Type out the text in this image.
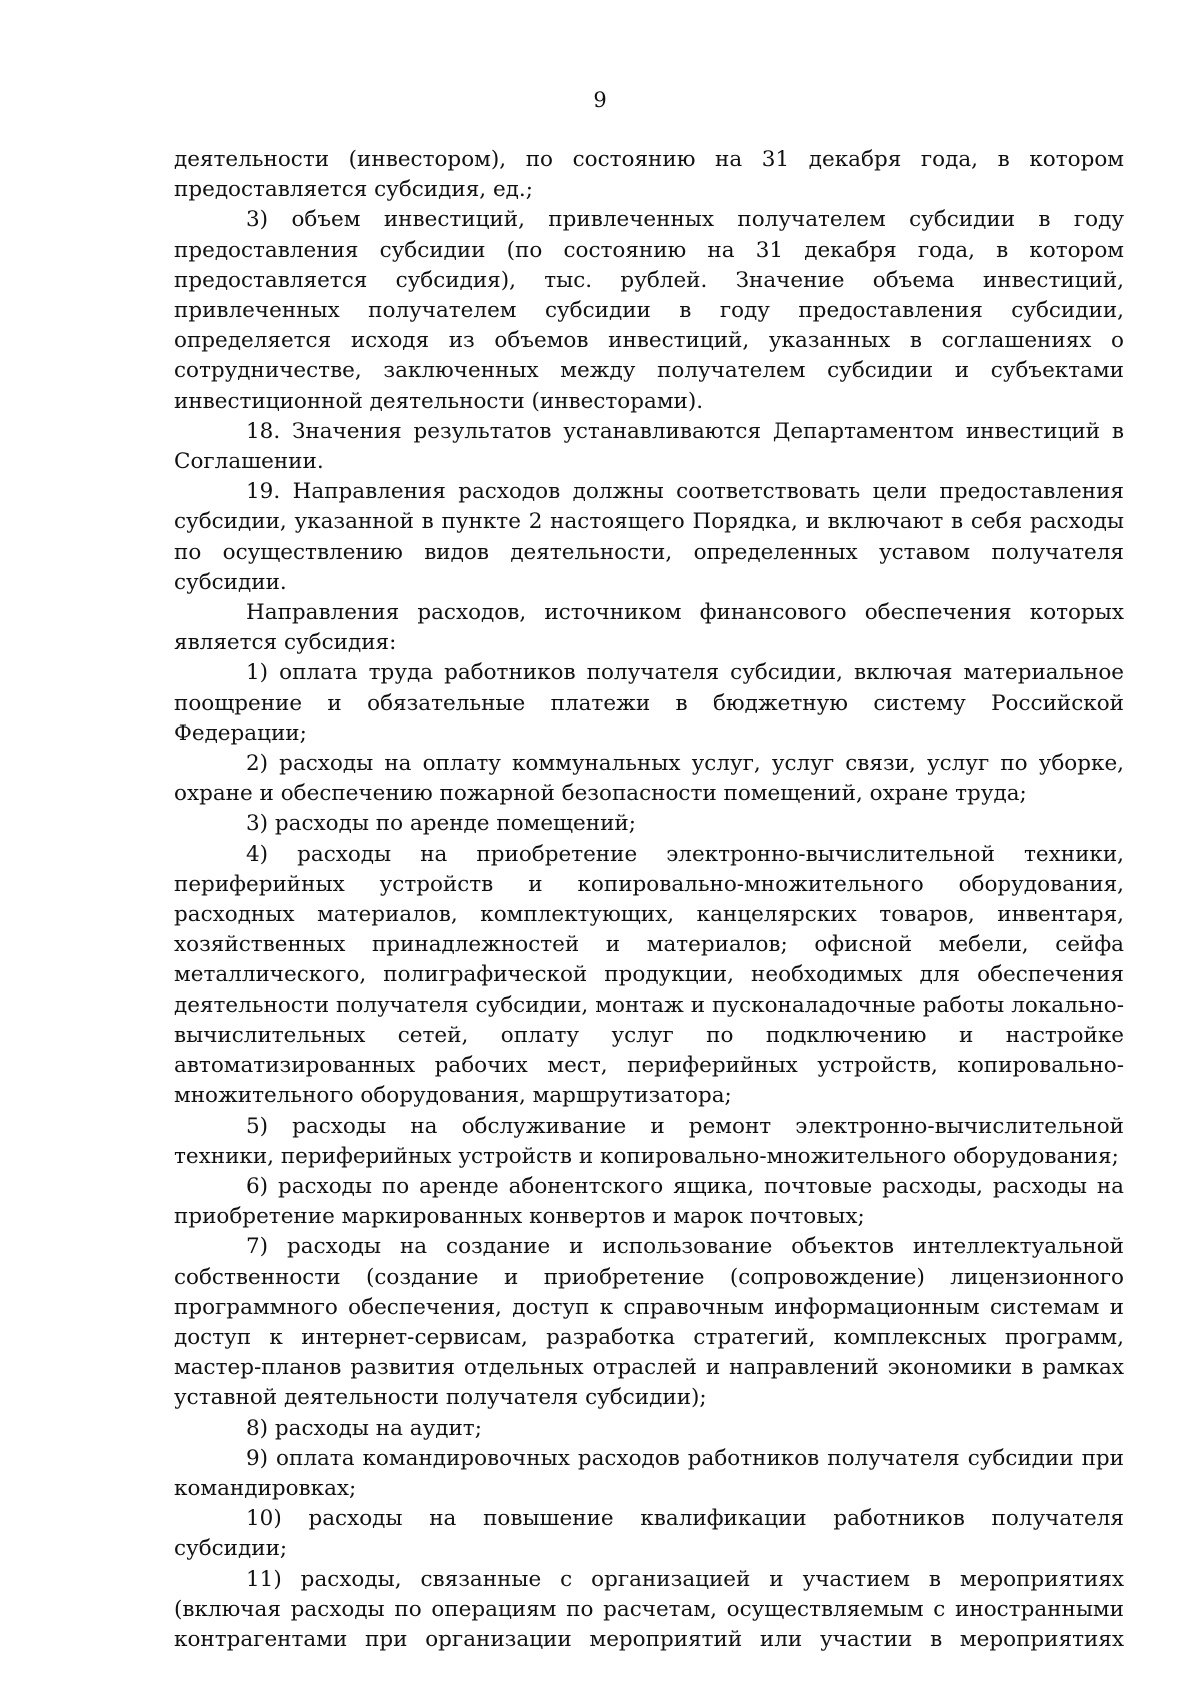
9

деятельности (инвестором), по состоянию на 31 декабря года, в котором предоставляется субсидия, ед.;

3) объем инвестиций, привлеченных получателем субсидии в году предоставления субсидии (по состоянию на 31 декабря года, в котором предоставляется субсидия), тыс. рублей. Значение объема инвестиций, привлеченных получателем субсидии в году предоставления субсидии, определяется исходя из объемов инвестиций, указанных в соглашениях о сотрудничестве, заключенных между получателем субсидии и субъектами инвестиционной деятельности (инвесторами).

18. Значения результатов устанавливаются Департаментом инвестиций в Соглашении.

19. Направления расходов должны соответствовать цели предоставления субсидии, указанной в пункте 2 настоящего Порядка, и включают в себя расходы по осуществлению видов деятельности, определенных уставом получателя субсидии.

Направления расходов, источником финансового обеспечения которых является субсидия:

1) оплата труда работников получателя субсидии, включая материальное поощрение и обязательные платежи в бюджетную систему Российской Федерации;

2) расходы на оплату коммунальных услуг, услуг связи, услуг по уборке, охране и обеспечению пожарной безопасности помещений, охране труда;

3) расходы по аренде помещений;

4) расходы на приобретение электронно-вычислительной техники, периферийных устройств и копировально-множительного оборудования, расходных материалов, комплектующих, канцелярских товаров, инвентаря, хозяйственных принадлежностей и материалов; офисной мебели, сейфа металлического, полиграфической продукции, необходимых для обеспечения деятельности получателя субсидии, монтаж и пусконаладочные работы локально-вычислительных сетей, оплату услуг по подключению и настройке автоматизированных рабочих мест, периферийных устройств, копировально-множительного оборудования, маршрутизатора;

5) расходы на обслуживание и ремонт электронно-вычислительной техники, периферийных устройств и копировально-множительного оборудования;

6) расходы по аренде абонентского ящика, почтовые расходы, расходы на приобретение маркированных конвертов и марок почтовых;

7) расходы на создание и использование объектов интеллектуальной собственности (создание и приобретение (сопровождение) лицензионного программного обеспечения, доступ к справочным информационным системам и доступ к интернет-сервисам, разработка стратегий, комплексных программ, мастер-планов развития отдельных отраслей и направлений экономики в рамках уставной деятельности получателя субсидии);

8) расходы на аудит;

9) оплата командировочных расходов работников получателя субсидии при командировках;

10) расходы на повышение квалификации работников получателя субсидии;

11) расходы, связанные с организацией и участием в мероприятиях (включая расходы по операциям по расчетам, осуществляемым с иностранными контрагентами при организации мероприятий или участии в мероприятиях
